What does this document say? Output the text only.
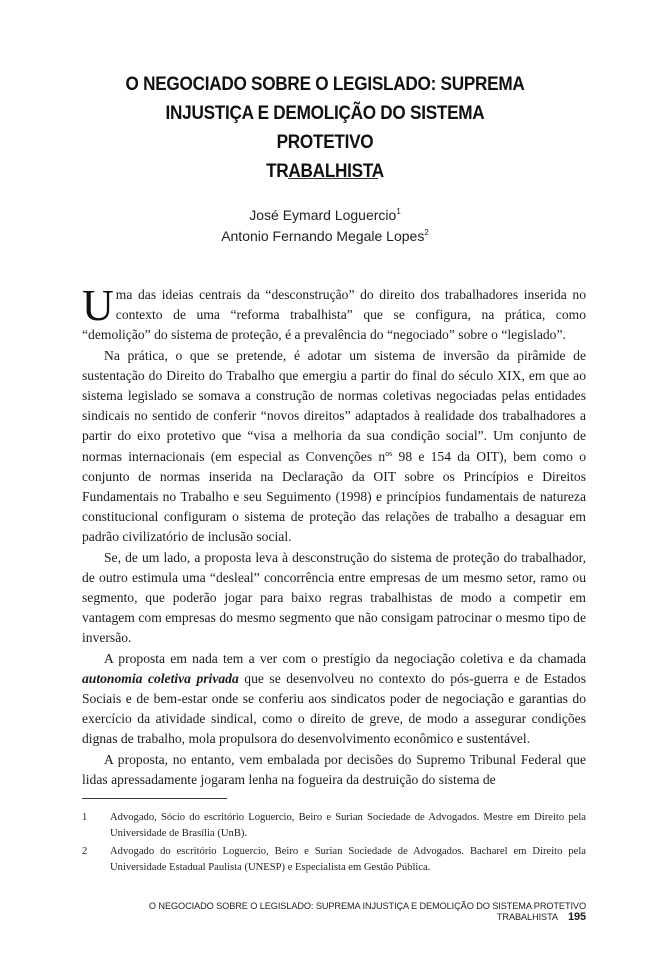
O NEGOCIADO SOBRE O LEGISLADO: SUPREMA
INJUSTIÇA E DEMOLIÇÃO DO SISTEMA PROTETIVO
TRABALHISTA
José Eymard Loguercio$^1$
Antonio Fernando Megale Lopes$^2$

Uma das ideias centrais da “desconstrução” do direito dos trabalhadores inserida no contexto de uma “reforma trabalhista” que se configura, na prática, como “demolição” do sistema de proteção, é a prevalência do “negociado” sobre o “legislado”.

Na prática, o que se pretende, é adotar um sistema de inversão da pirâmide de sustentação do Direito do Trabalho que emergiu a partir do final do século XIX, em que ao sistema legislado se somava a construção de normas coletivas negociadas pelas entidades sindicais no sentido de conferir “novos direitos” adaptados à realidade dos trabalhadores a partir do eixo protetivo que “visa a melhoria da sua condição social”. Um conjunto de normas internacionais (em especial as Convenções $n^{os}$ 98 e 154 da OIT), bem como o conjunto de normas inserida na Declaração da OIT sobre os Princípios e Direitos Fundamentais no Trabalho e seu Seguimento (1998) e princípios fundamentais de natureza constitucional configuram o sistema de proteção das relações de trabalho a desaguar em padrão civilizatório de inclusão social.

Se, de um lado, a proposta leva à desconstrução do sistema de proteção do trabalhador, de outro estimula uma “desleal” concorrência entre empresas de um mesmo setor, ramo ou segmento, que poderão jogar para baixo regras trabalhistas de modo a competir em vantagem com empresas do mesmo segmento que não consigam patrocinar o mesmo tipo de inversão.

A proposta em nada tem a ver com o prestígio da negociação coletiva e da chamada autonomia coletiva privada que se desenvolveu no contexto do pós-guerra e de Estados Sociais e de bem-estar onde se conferiu aos sindicatos poder de negociação e garantias do exercício da atividade sindical, como o direito de greve, de modo a assegurar condições dignas de trabalho, mola propulsora do desenvolvimento econômico e sustentável.

A proposta, no entanto, vem embalada por decisões do Supremo Tribunal Federal que lidas apressadamente jogaram lenha na fogueira da destruição do sistema de

1	Advogado, Sócio do escritório Loguercio, Beiro e Surian Sociedade de Advogados. Mestre em Direito pela Universidade de Brasília (UnB).
2	Advogado do escritório Loguercio, Beiro e Surian Sociedade de Advogados. Bacharel em Direito pela Universidade Estadual Paulista (UNESP) e Especialista em Gestão Pública.
O NEGOCIADO SOBRE O LEGISLADO: SUPREMA INJUSTIÇA E DEMOLIÇÃO DO SISTEMA PROTETIVO TRABALHISTA 195
